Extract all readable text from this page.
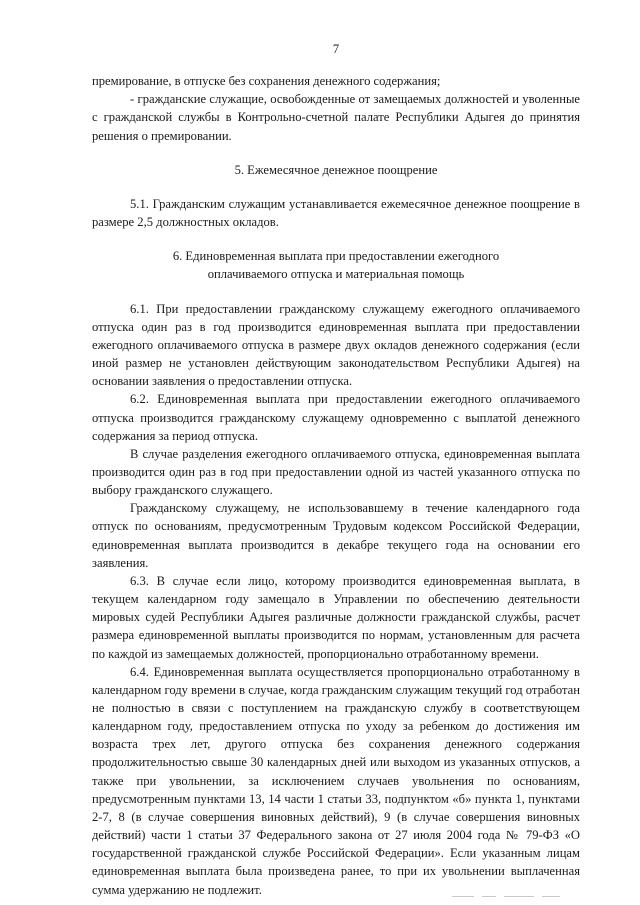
7

премирование, в отпуске без сохранения денежного содержания;

- гражданские служащие, освобожденные от замещаемых должностей и уволенные с гражданской службы в Контрольно-счетной палате Республики Адыгея до принятия решения о премировании.

5. Ежемесячное денежное поощрение

5.1. Гражданским служащим устанавливается ежемесячное денежное поощрение в размере 2,5 должностных окладов.

6. Единовременная выплата при предоставлении ежегодного

оплачиваемого отпуска и материальная помощь

6.1. При предоставлении гражданскому служащему ежегодного оплачиваемого отпуска один раз в год производится единовременная выплата при предоставлении ежегодного оплачиваемого отпуска в размере двух окладов денежного содержания (если иной размер не установлен действующим законодательством Республики Адыгея) на основании заявления о предоставлении отпуска.

6.2. Единовременная выплата при предоставлении ежегодного оплачиваемого отпуска производится гражданскому служащему одновременно с выплатой денежного содержания за период отпуска.

В случае разделения ежегодного оплачиваемого отпуска, единовременная выплата производится один раз в год при предоставлении одной из частей указанного отпуска по выбору гражданского служащего.

Гражданскому служащему, не использовавшему в течение календарного года отпуск по основаниям, предусмотренным Трудовым кодексом Российской Федерации, единовременная выплата производится в декабре текущего года на основании его заявления.

6.3. В случае если лицо, которому производится единовременная выплата, в текущем календарном году замещало в Управлении по обеспечению деятельности мировых судей Республики Адыгея различные должности гражданской службы, расчет размера единовременной выплаты производится по нормам, установленным для расчета по каждой из замещаемых должностей, пропорционально отработанному времени.

6.4. Единовременная выплата осуществляется пропорционально отработанному в календарном году времени в случае, когда гражданским служащим текущий год отработан не полностью в связи с поступлением на гражданскую службу в соответствующем календарном году, предоставлением отпуска по уходу за ребенком до достижения им возраста трех лет, другого отпуска без сохранения денежного содержания продолжительностью свыше 30 календарных дней или выходом из указанных отпусков, а также при увольнении, за исключением случаев увольнения по основаниям, предусмотренным пунктами 13, 14 части 1 статьи 33, подпунктом «б» пункта 1, пунктами 2-7, 8 (в случае совершения виновных действий), 9 (в случае совершения виновных действий) части 1 статьи 37 Федерального закона от 27 июля 2004 года № 79-ФЗ «О государственной гражданской службе Российской Федерации». Если указанным лицам единовременная выплата была произведена ранее, то при их увольнении выплаченная сумма удержанию не подлежит.
